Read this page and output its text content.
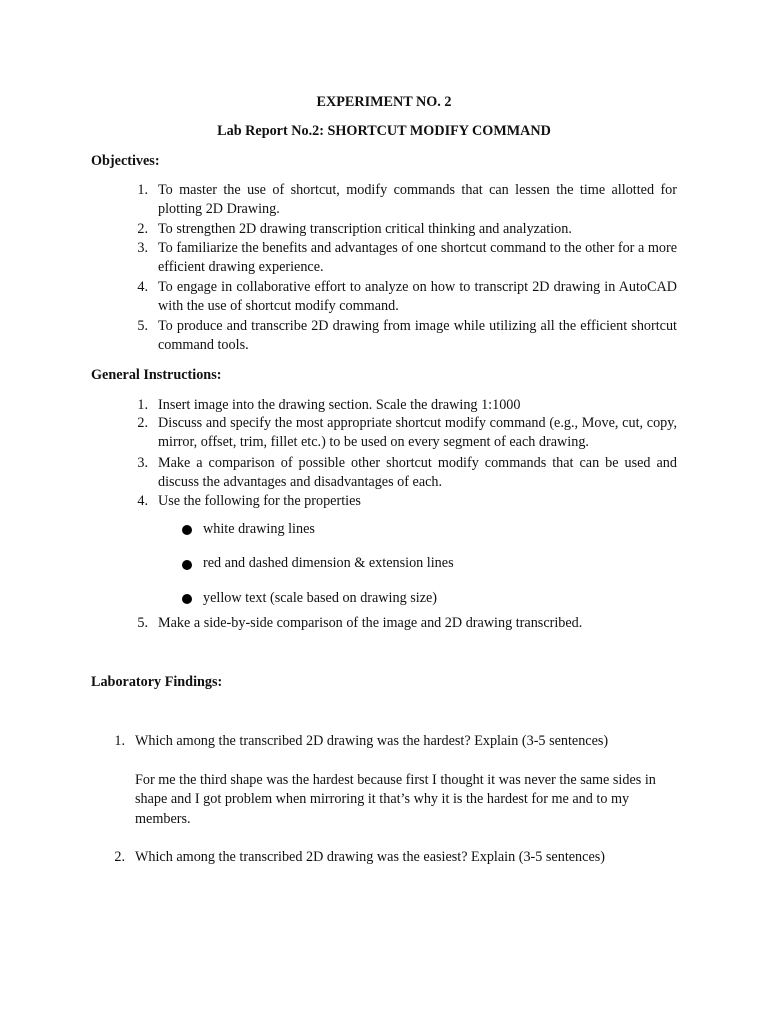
EXPERIMENT NO. 2
Lab Report No.2: SHORTCUT MODIFY COMMAND
Objectives:
1. To master the use of shortcut, modify commands that can lessen the time allotted for plotting 2D Drawing.
2. To strengthen 2D drawing transcription critical thinking and analyzation.
3. To familiarize the benefits and advantages of one shortcut command to the other for a more efficient drawing experience.
4. To engage in collaborative effort to analyze on how to transcript 2D drawing in AutoCAD with the use of shortcut modify command.
5. To produce and transcribe 2D drawing from image while utilizing all the efficient shortcut command tools.
General Instructions:
1. Insert image into the drawing section. Scale the drawing 1:1000
2. Discuss and specify the most appropriate shortcut modify command (e.g., Move, cut, copy, mirror, offset, trim, fillet etc.) to be used on every segment of each drawing.
3. Make a comparison of possible other shortcut modify commands that can be used and discuss the advantages and disadvantages of each.
4. Use the following for the properties
white drawing lines
red and dashed dimension & extension lines
yellow text (scale based on drawing size)
5. Make a side-by-side comparison of the image and 2D drawing transcribed.
Laboratory Findings:
1. Which among the transcribed 2D drawing was the hardest? Explain (3-5 sentences)
For me the third shape was the hardest because first I thought it was never the same sides in shape and I got problem when mirroring it that’s why it is the hardest for me and to my members.
2. Which among the transcribed 2D drawing was the easiest? Explain (3-5 sentences)
